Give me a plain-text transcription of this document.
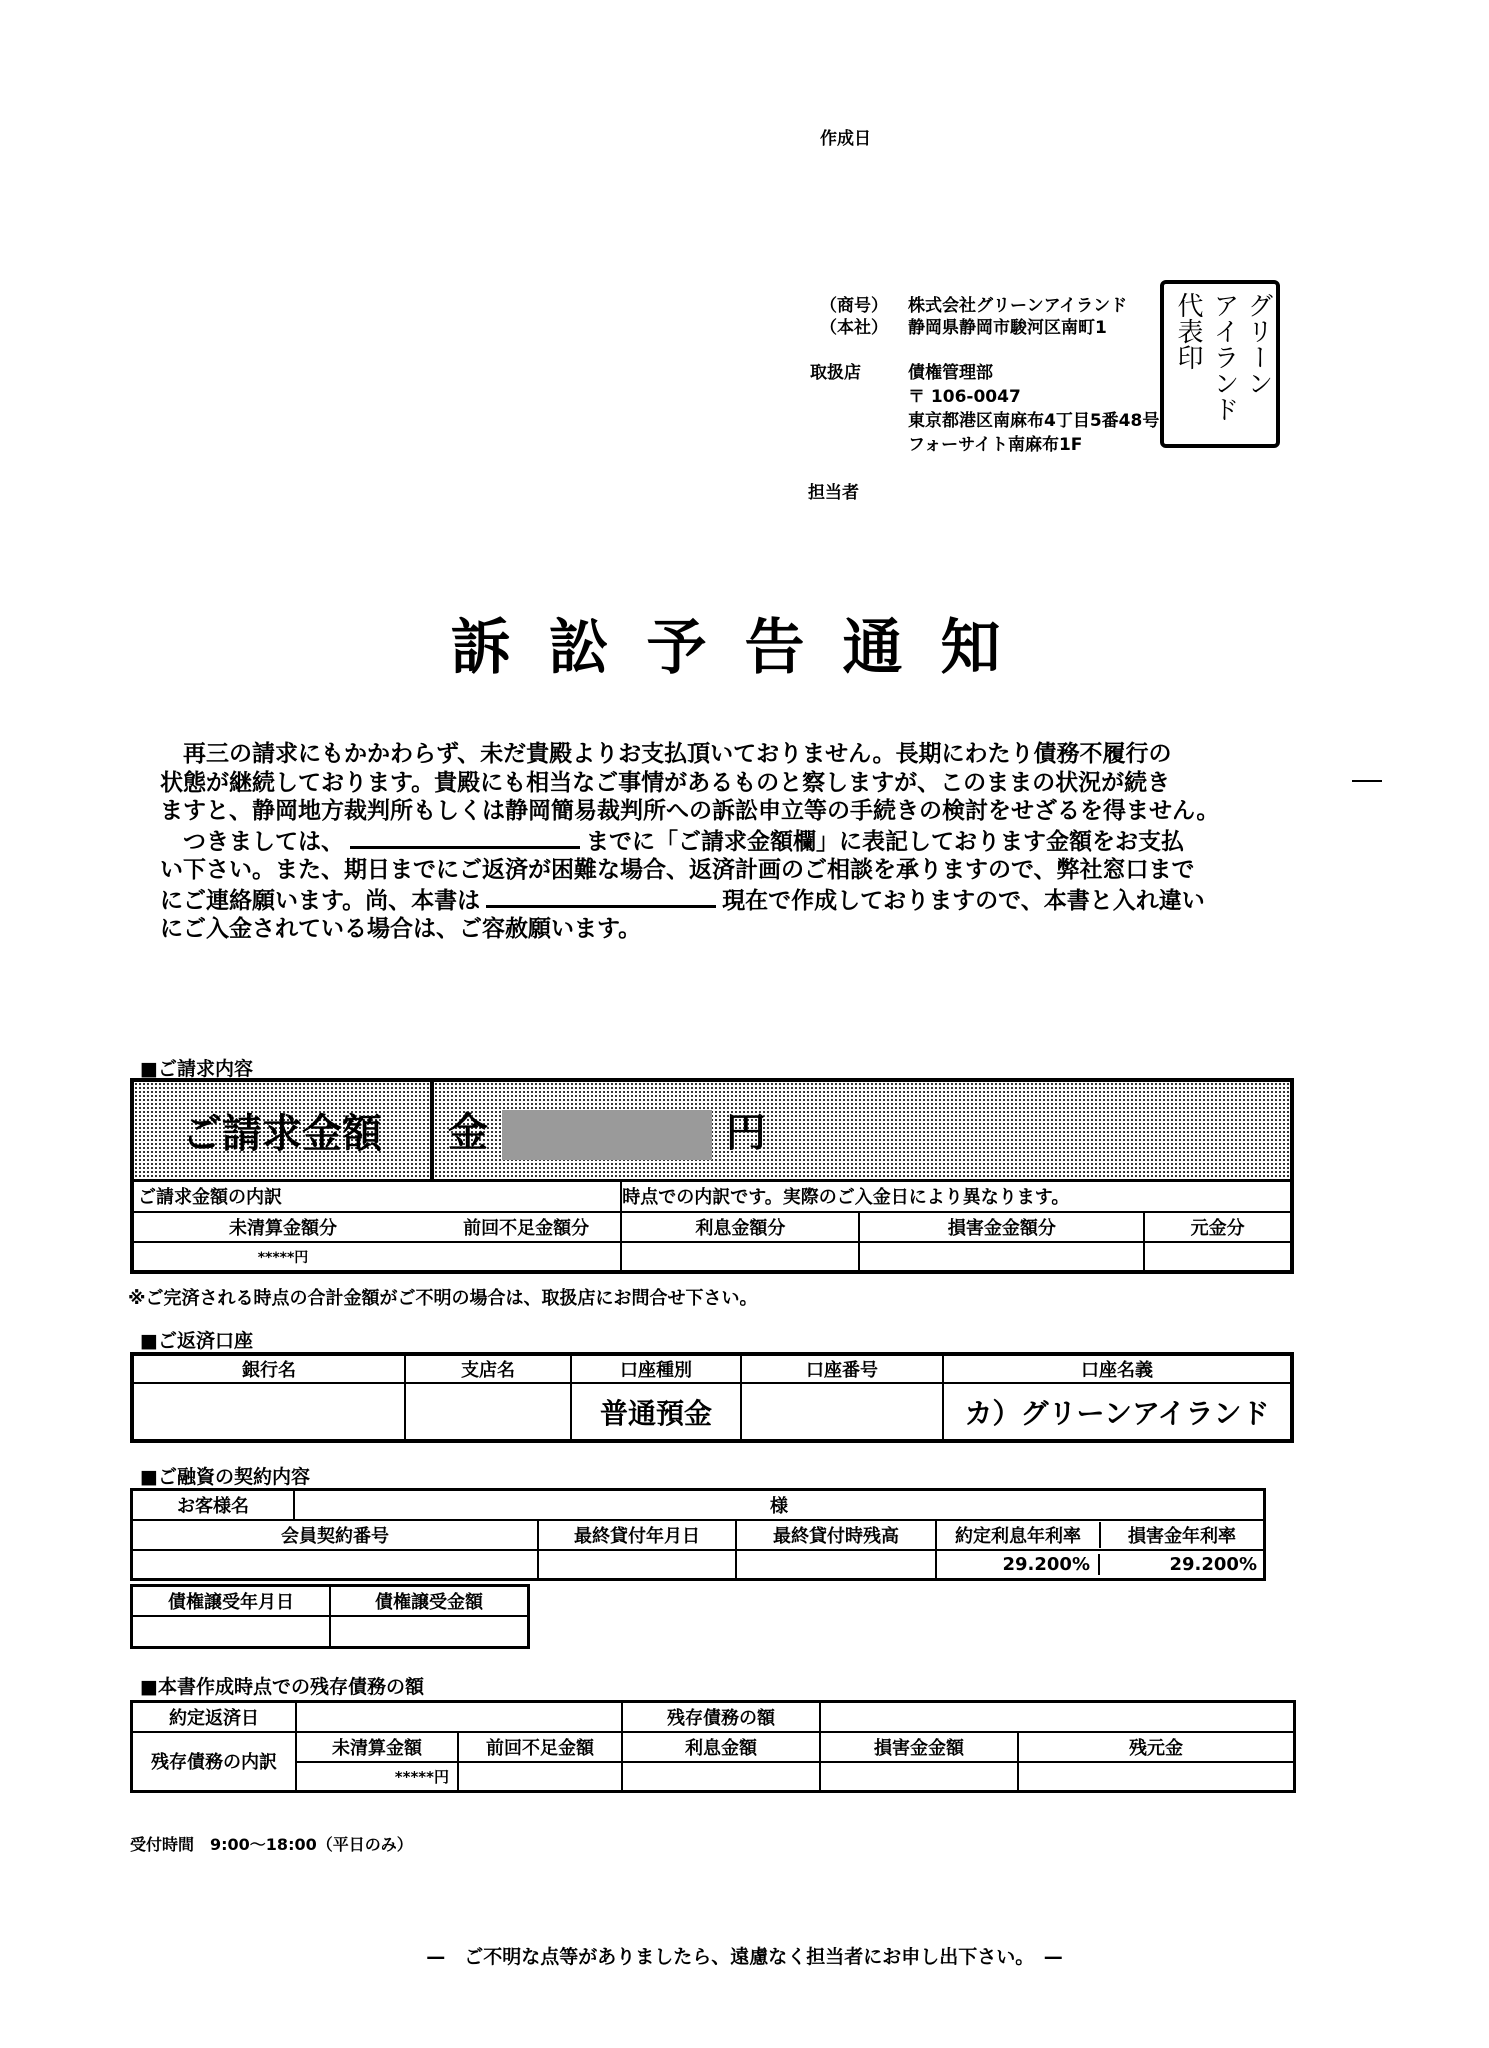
作成日
（商号） 株式会社グリーンアイランド
（本社） 静岡県静岡市駿河区南町1
取扱店	債権管理部
〒 106-0047
東京都港区南麻布4丁目5番48号
フォーサイト南麻布1F
担当者
グリーン
アイランド
代表印
訴訟予告通知

　再三の請求にもかかわらず、未だ貴殿よりお支払頂いておりません。長期にわたり債務不履行の

状態が継続しております。貴殿にも相当なご事情があるものと察しますが、このままの状況が続き

ますと、静岡地方裁判所もしくは静岡簡易裁判所への訴訟申立等の手続きの検討をせざるを得ません。

　つきましては、	までに「ご請求金額欄」に表記しております金額をお支払

い下さい。また、期日までにご返済が困難な場合、返済計画のご相談を承りますので、弊社窓口まで

にご連絡願います。尚、本書は	現在で作成しておりますので、本書と入れ違い

にご入金されている場合は、ご容赦願います。

■ご請求内容
ご請求金額	金 円			
ご請求金額の内訳		時点での内訳です。実際のご入金日により異なります。		
未清算金額分	前回不足金額分	利息金額分	損害金金額分	元金分
*****円				
※ご完済される時点の合計金額がご不明の場合は、取扱店にお問合せ下さい。
■ご返済口座
銀行名	支店名	口座種別	口座番号	口座名義
		普通預金		カ）グリーンアイランド
■ご融資の契約内容
お客様名	様			
会員契約番号		最終貸付年月日	最終貸付時残高	約定利息年利率 損害金年利率

				29.200% 29.200%
債権譲受年月日	債権譲受金額

■本書作成時点での残存債務の額
約定返済日			残存債務の額		
残存債務の内訳	未清算金額	前回不足金額	利息金額	損害金金額	残元金
	*****円				
受付時間　9:00〜18:00（平日のみ）
—　ご不明な点等がありましたら、遠慮なく担当者にお申し出下さい。　—
